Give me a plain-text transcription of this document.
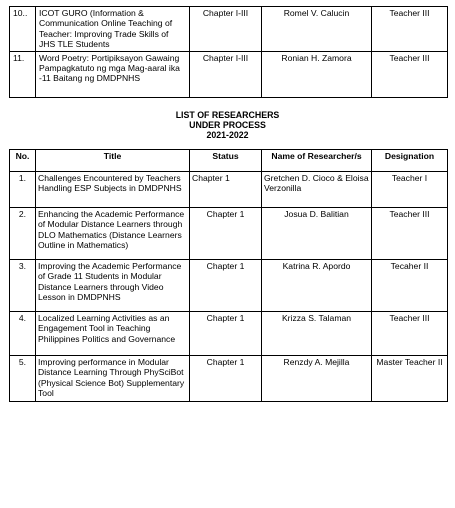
10..	ICOT GURO (Information & Communication Online Teaching of Teacher: Improving Trade Skills of JHS TLE Students	Chapter I-III	Romel V. Calucin	Teacher III
11.	Word Poetry: Portipiksayon Gawaing Pampagkatuto ng mga Mag-aaral ika -11 Baitang ng DMDPNHS	Chapter I-III	Ronian H. Zamora	Teacher III
LIST OF RESEARCHERS
UNDER PROCESS
2021-2022
No.	Title	Status	Name of Researcher/s	Designation
1.	Challenges Encountered by Teachers Handling ESP Subjects in DMDPNHS	Chapter 1	Gretchen D. Cioco & Eloisa Verzonilla	Teacher I
2.	Enhancing the Academic Performance of Modular Distance Learners through DLO Mathematics (Distance Learners Outline in Mathematics)	Chapter 1	Josua D. Balitian	Teacher III
3.	Improving the Academic Performance of Grade 11 Students in Modular Distance Learners through Video Lesson in DMDPNHS	Chapter 1	Katrina R. Apordo	Tecaher II
4.	Localized Learning Activities as an Engagement Tool in Teaching Philippines Politics and Governance	Chapter 1	Krizza S. Talaman	Teacher III
5.	Improving performance in Modular Distance Learning Through PhySciBot (Physical Science Bot) Supplementary Tool	Chapter 1	Renzdy A. Mejilla	Master Teacher II
